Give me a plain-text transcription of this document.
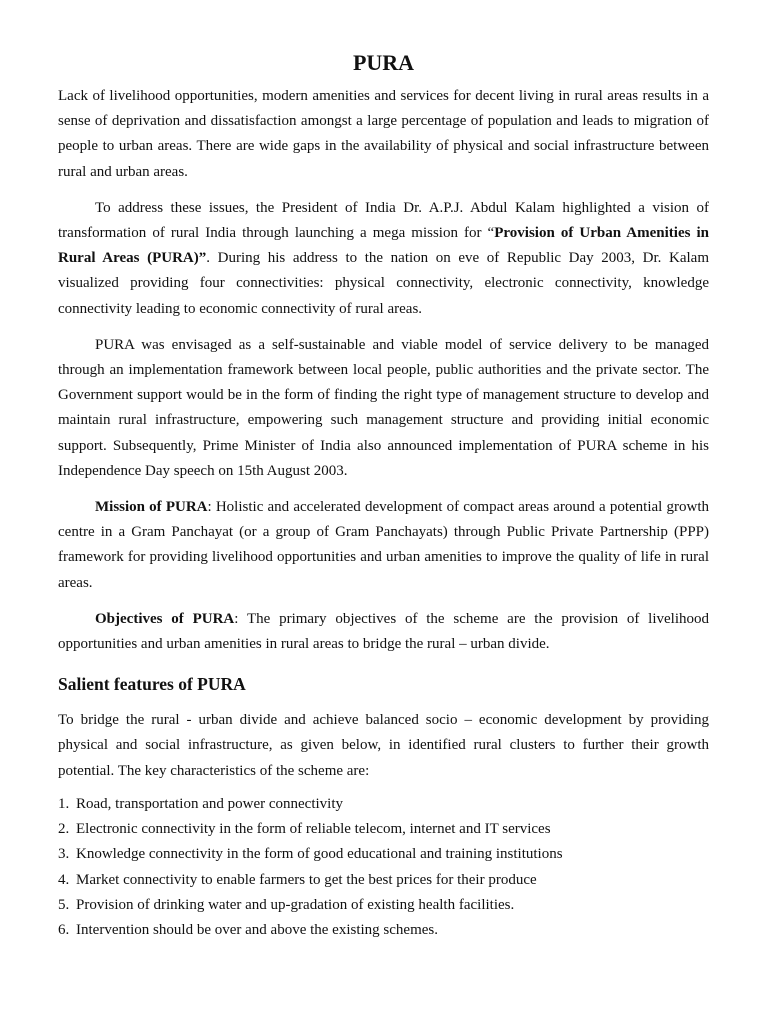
PURA

Lack of livelihood opportunities, modern amenities and services for decent living in rural areas results in a sense of deprivation and dissatisfaction amongst a large percentage of population and leads to migration of people to urban areas. There are wide gaps in the availability of physical and social infrastructure between rural and urban areas.

To address these issues, the President of India Dr. A.P.J. Abdul Kalam highlighted a vision of transformation of rural India through launching a mega mission for “Provision of Urban Amenities in Rural Areas (PURA)”. During his address to the nation on eve of Republic Day 2003, Dr. Kalam visualized providing four connectivities: physical connectivity, electronic connectivity, knowledge connectivity leading to economic connectivity of rural areas.

PURA was envisaged as a self-sustainable and viable model of service delivery to be managed through an implementation framework between local people, public authorities and the private sector. The Government support would be in the form of finding the right type of management structure to develop and maintain rural infrastructure, empowering such management structure and providing initial economic support. Subsequently, Prime Minister of India also announced implementation of PURA scheme in his Independence Day speech on 15th August 2003.

Mission of PURA: Holistic and accelerated development of compact areas around a potential growth centre in a Gram Panchayat (or a group of Gram Panchayats) through Public Private Partnership (PPP) framework for providing livelihood opportunities and urban amenities to improve the quality of life in rural areas.

Objectives of PURA: The primary objectives of the scheme are the provision of livelihood opportunities and urban amenities in rural areas to bridge the rural – urban divide.

Salient features of PURA

To bridge the rural - urban divide and achieve balanced socio – economic development by providing physical and social infrastructure, as given below, in identified rural clusters to further their growth potential. The key characteristics of the scheme are:

1. Road, transportation and power connectivity
2. Electronic connectivity in the form of reliable telecom, internet and IT services
3. Knowledge connectivity in the form of good educational and training institutions
4. Market connectivity to enable farmers to get the best prices for their produce
5. Provision of drinking water and up-gradation of existing health facilities.
6. Intervention should be over and above the existing schemes.
